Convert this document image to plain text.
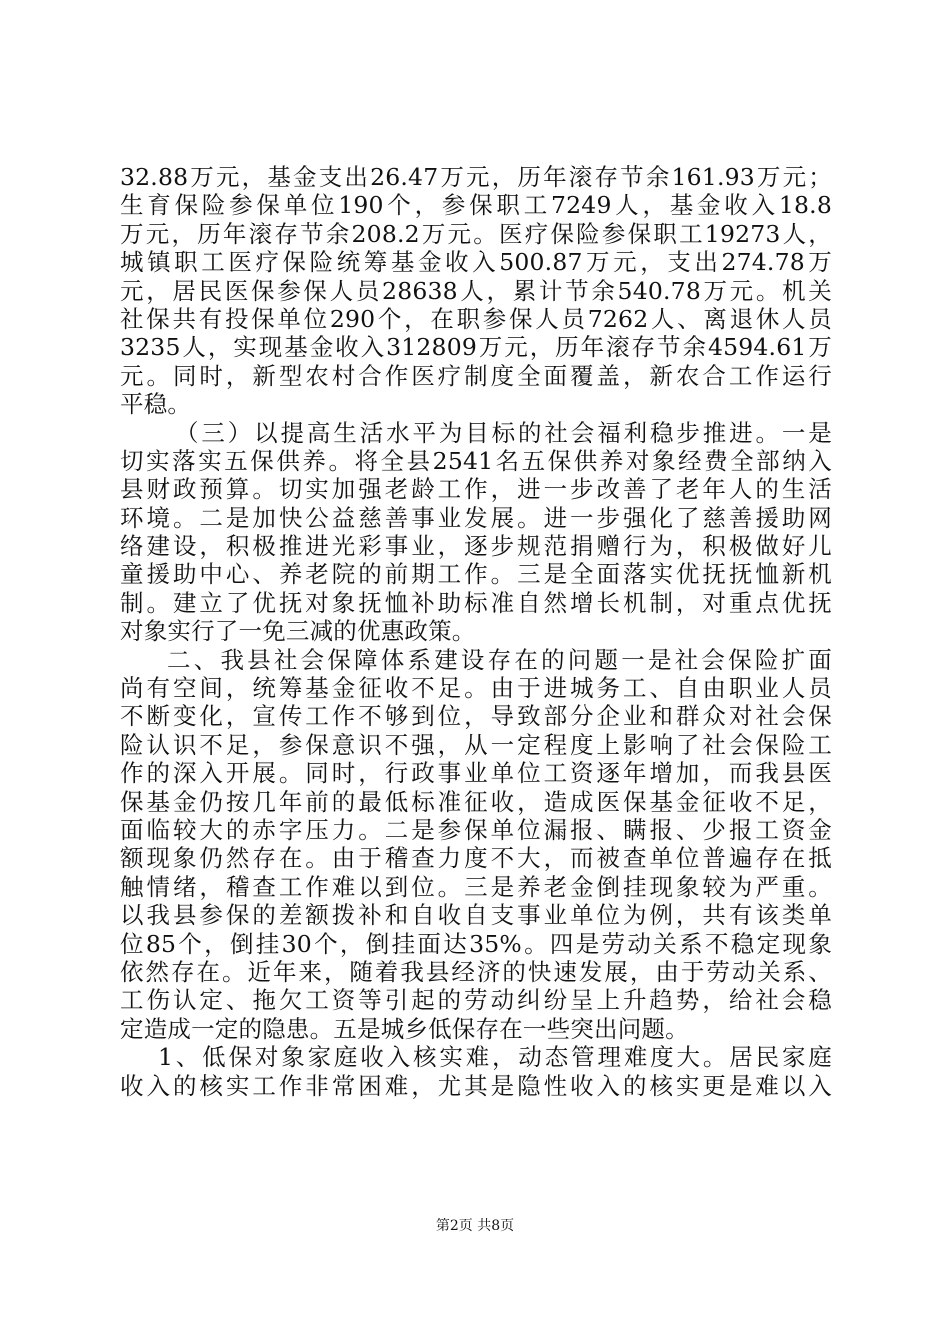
32.88万元，基金支出26.47万元，历年滚存节余161.93万元；
生育保险参保单位190个，参保职工7249人，基金收入18.8
万元，历年滚存节余208.2万元。医疗保险参保职工19273人，
城镇职工医疗保险统筹基金收入500.87万元，支出274.78万
元，居民医保参保人员28638人，累计节余540.78万元。机关
社保共有投保单位290个，在职参保人员7262人、离退休人员
3235人，实现基金收入312809万元，历年滚存节余4594.61万
元。同时，新型农村合作医疗制度全面覆盖，新农合工作运行
平稳。
（三）以提高生活水平为目标的社会福利稳步推进。一是
切实落实五保供养。将全县2541名五保供养对象经费全部纳入
县财政预算。切实加强老龄工作，进一步改善了老年人的生活
环境。二是加快公益慈善事业发展。进一步强化了慈善援助网
络建设，积极推进光彩事业，逐步规范捐赠行为，积极做好儿
童援助中心、养老院的前期工作。三是全面落实优抚抚恤新机
制。建立了优抚对象抚恤补助标准自然增长机制，对重点优抚
对象实行了一免三减的优惠政策。
二、我县社会保障体系建设存在的问题一是社会保险扩面
尚有空间，统筹基金征收不足。由于进城务工、自由职业人员
不断变化，宣传工作不够到位，导致部分企业和群众对社会保
险认识不足，参保意识不强，从一定程度上影响了社会保险工
作的深入开展。同时，行政事业单位工资逐年增加，而我县医
保基金仍按几年前的最低标准征收，造成医保基金征收不足，
面临较大的赤字压力。二是参保单位漏报、瞒报、少报工资金
额现象仍然存在。由于稽查力度不大，而被查单位普遍存在抵
触情绪，稽查工作难以到位。三是养老金倒挂现象较为严重。
以我县参保的差额拨补和自收自支事业单位为例，共有该类单
位85个，倒挂30个，倒挂面达35%。四是劳动关系不稳定现象
依然存在。近年来，随着我县经济的快速发展，由于劳动关系、
工伤认定、拖欠工资等引起的劳动纠纷呈上升趋势，给社会稳
定造成一定的隐患。五是城乡低保存在一些突出问题。
1、低保对象家庭收入核实难，动态管理难度大。居民家庭
收入的核实工作非常困难，尤其是隐性收入的核实更是难以入
第2页 共8页
